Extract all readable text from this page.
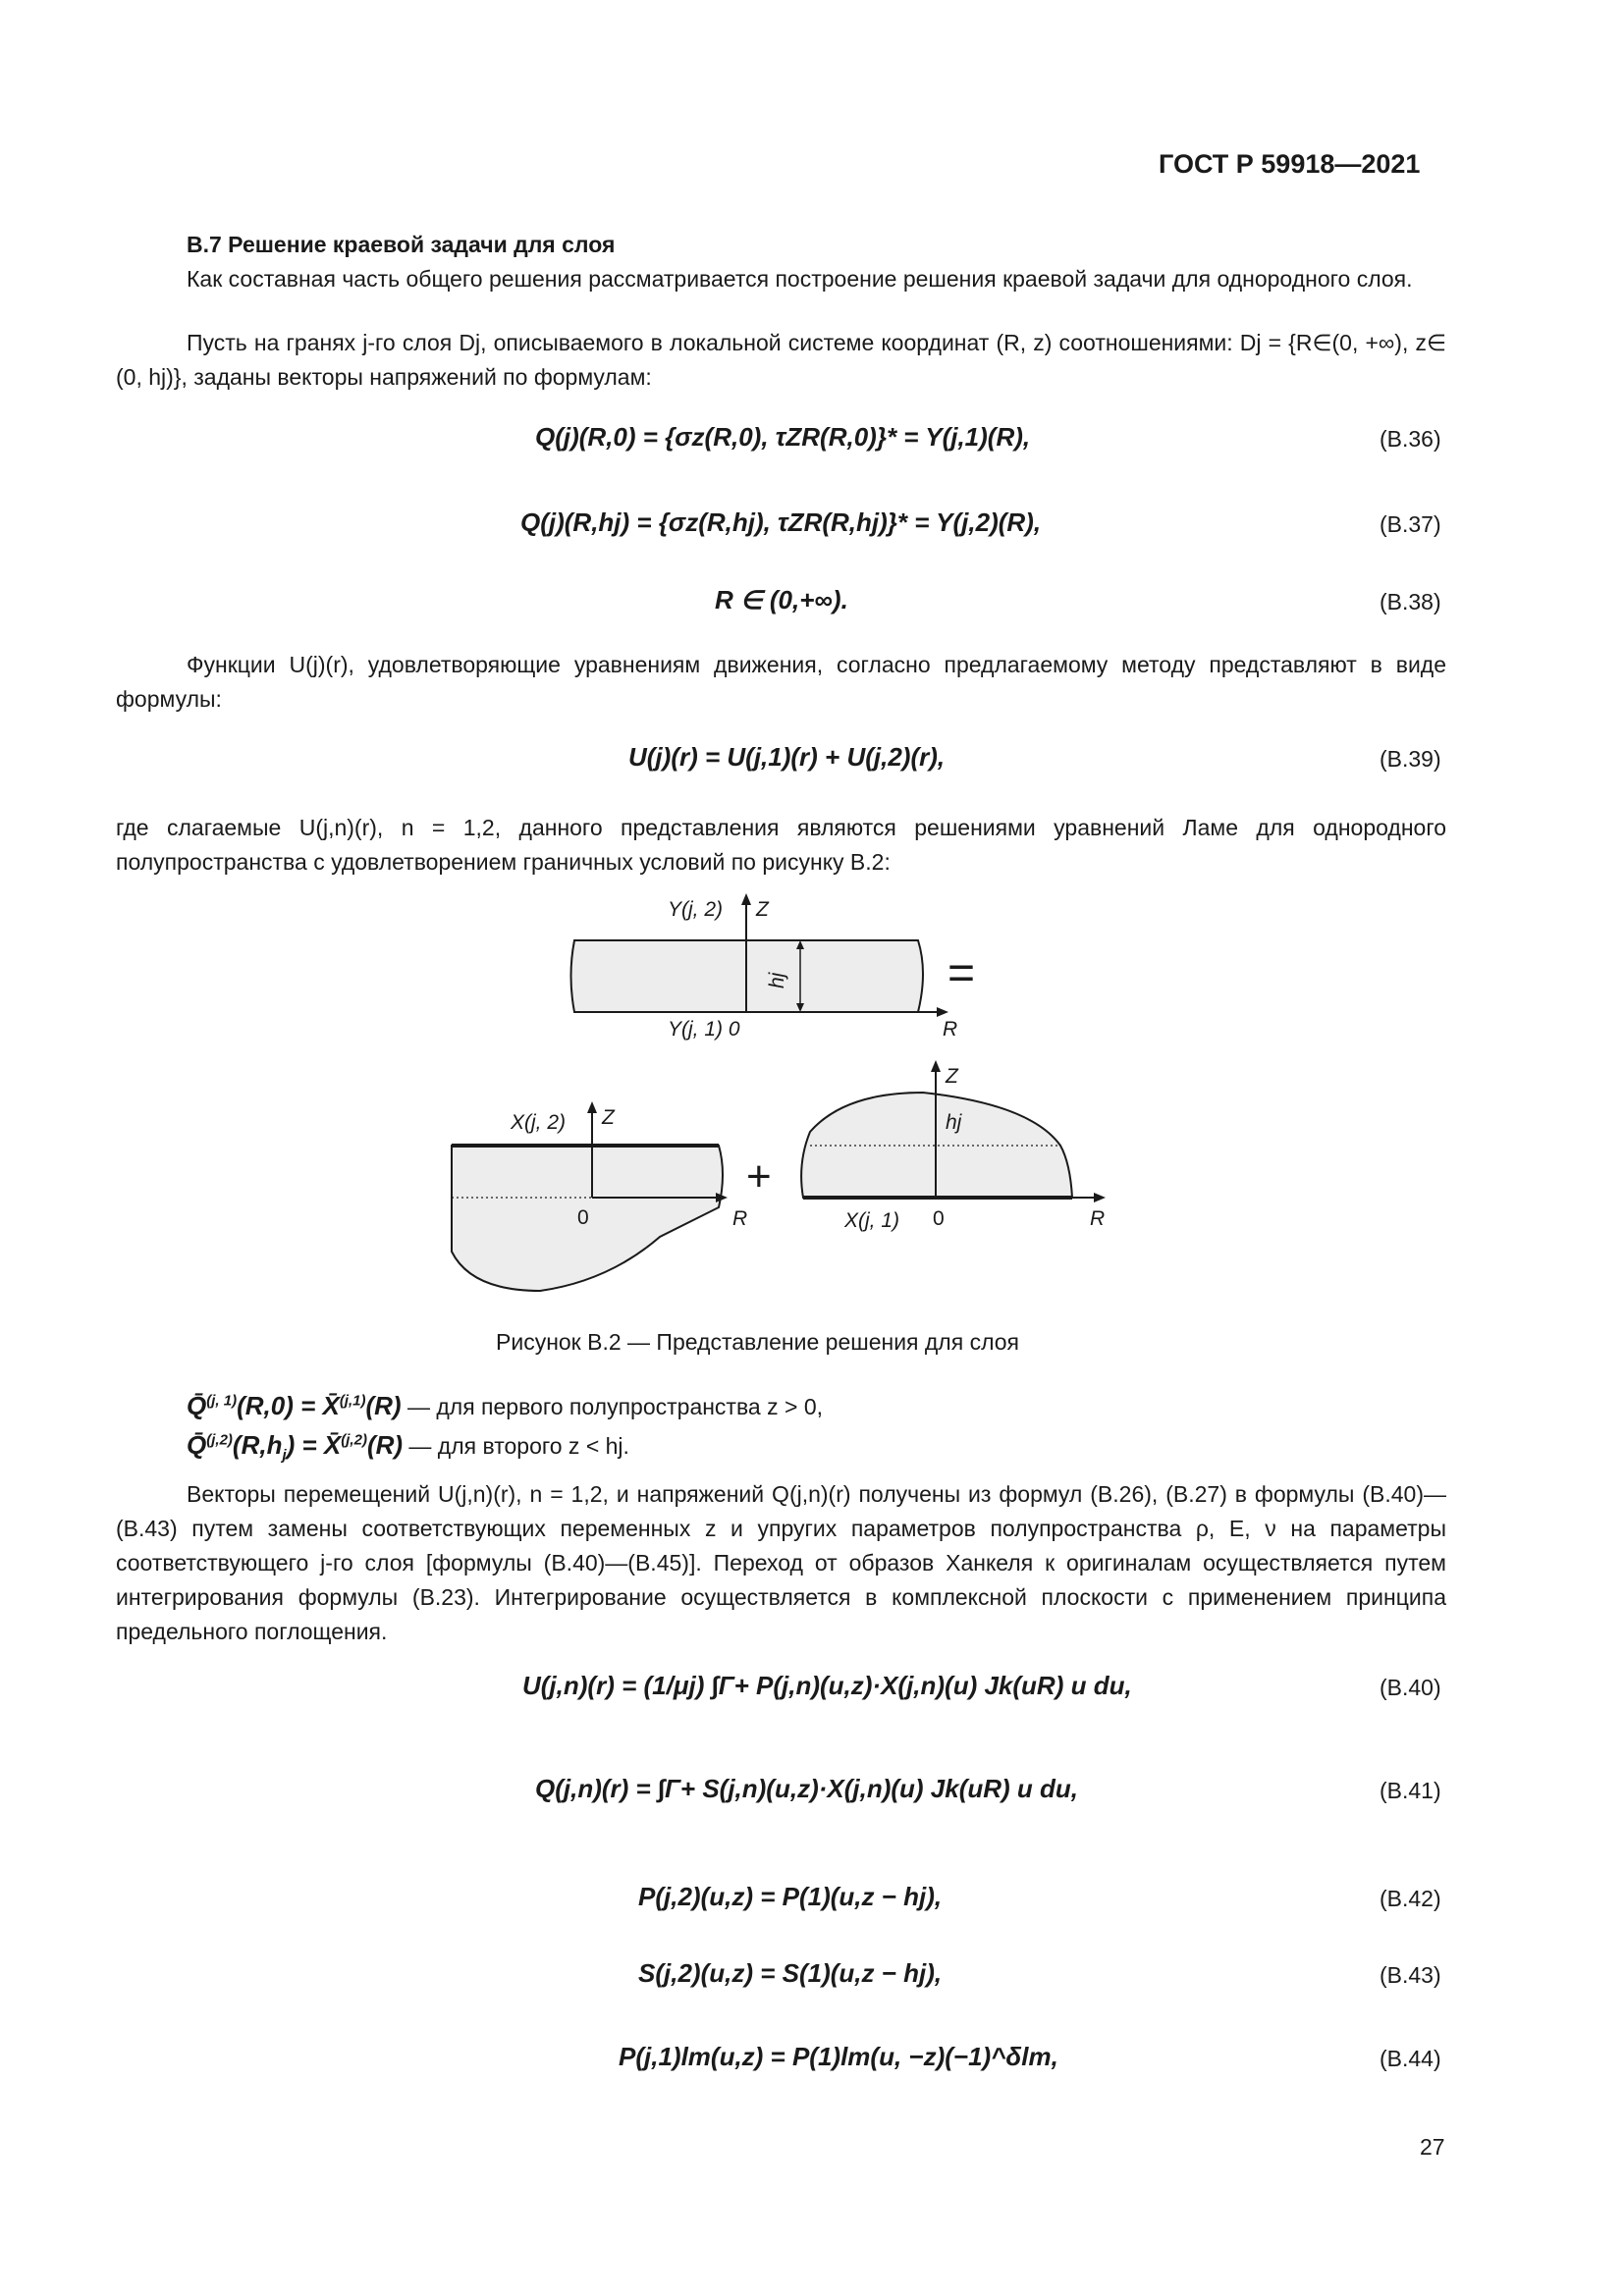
ГОСТ Р 59918—2021
В.7 Решение краевой задачи для слоя
Как составная часть общего решения рассматривается построение решения краевой задачи для однородного слоя.
Пусть на гранях j-го слоя Dj, описываемого в локальной системе координат (R, z) соотношениями: Dj = {R∈(0, +∞), z∈ (0, hj)}, заданы векторы напряжений по формулам:
Q(j)(R,0) = {σz(R,0), τZR(R,0)}* = Y(j,1)(R),	(В.36)
Q(j)(R,hj) = {σz(R,hj), τZR(R,hj)}* = Y(j,2)(R),	(В.37)
R ∈ (0,+∞).	(В.38)
Функции U(j)(r), удовлетворяющие уравнениям движения, согласно предлагаемому методу представляют в виде формулы:
U(j)(r) = U(j,1)(r) + U(j,2)(r),	(В.39)
где слагаемые U(j,n)(r), n = 1,2, данного представления являются решениями уравнений Ламе для однородного полупространства с удовлетворением граничных условий по рисунку В.2:
Y(j, 2) Z
hj
Y(j, 1) 0	R
=
X(j, 2) Z
0	R
+
Z
hj
X(j, 1) 0	R
Рисунок В.2 — Представление решения для слоя
Q̄$^{(j, 1)}$(R,0) = X̄$^{(j,1)}$(R) — для первого полупространства z > 0,
$Q̄^{(j,2)}(R,h_j)$ = X̄$^{(j,2)}$(R) — для второго z < hj.
Векторы перемещений U(j,n)(r), n = 1,2, и напряжений Q(j,n)(r) получены из формул (В.26), (В.27) в формулы (В.40)—(В.43) путем замены соответствующих переменных z и упругих параметров полупространства ρ, E, ν на параметры соответствующего j-го слоя [формулы (В.40)—(В.45)]. Переход от образов Ханкеля к оригиналам осуществляется путем интегрирования формулы (В.23). Интегрирование осуществляется в комплексной плоскости с применением принципа предельного поглощения.
U(j,n)(r) = (1/μj) ∫Γ+ P(j,n)(u,z)·X(j,n)(u) Jk(uR) u du,	(В.40)
Q(j,n)(r) = ∫Γ+ S(j,n)(u,z)·X(j,n)(u) Jk(uR) u du,	(В.41)
P(j,2)(u,z) = P(1)(u,z − hj),	(В.42)
S(j,2)(u,z) = S(1)(u,z − hj),	(В.43)
P(j,1)lm(u,z) = P(1)lm(u, −z)(−1)^δlm,	(В.44)
27
